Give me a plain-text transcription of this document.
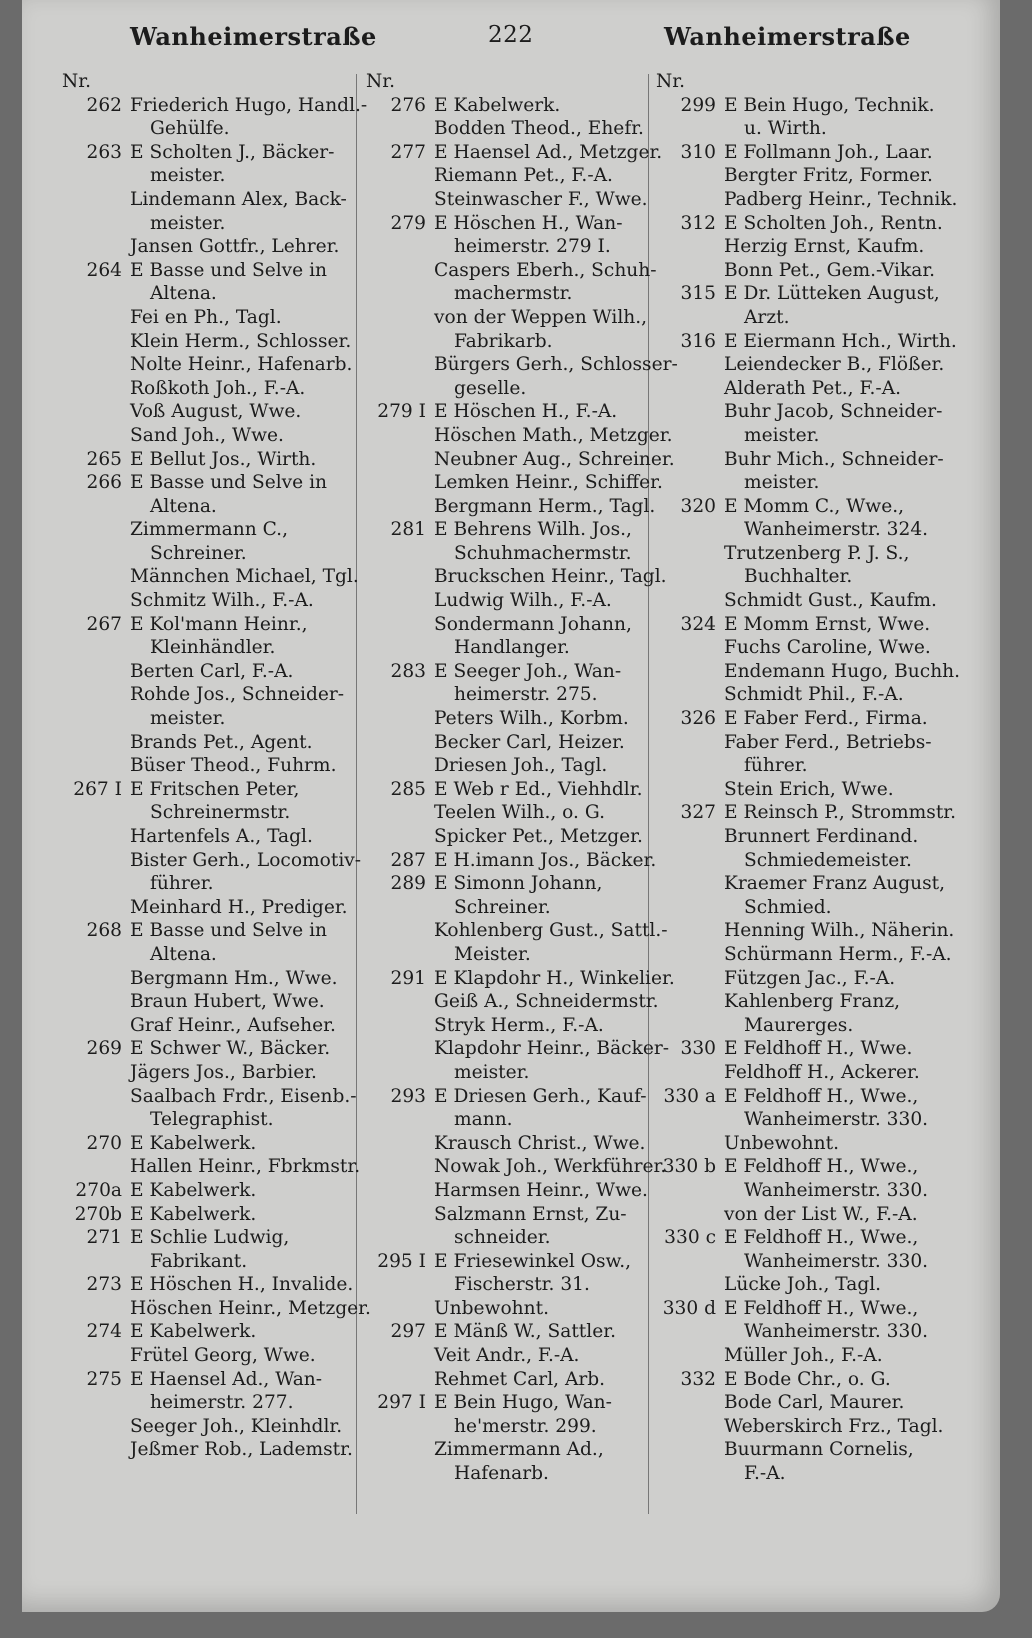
Wanheimerstraße	222	Wanheimerstraße
Nr.
262 Friederich Hugo, Handl.-
Gehülfe.
263 E Scholten J., Bäcker-
meister.
Lindemann Alex, Back-
meister.
Jansen Gottfr., Lehrer.
264 E Basse und Selve in
Altena.
Fei en Ph., Tagl.
Klein Herm., Schlosser.
Nolte Heinr., Hafenarb.
Roßkoth Joh., F.-A.
Voß August, Wwe.
Sand Joh., Wwe.
265 E Bellut Jos., Wirth.
266 E Basse und Selve in
Altena.
Zimmermann C.,
Schreiner.
Männchen Michael, Tgl.
Schmitz Wilh., F.-A.
267 E Kol'mann Heinr.,
Kleinhändler.
Berten Carl, F.-A.
Rohde Jos., Schneider-
meister.
Brands Pet., Agent.
Büser Theod., Fuhrm.
267 I E Fritschen Peter,
Schreinermstr.
Hartenfels A., Tagl.
Bister Gerh., Locomotiv-
führer.
Meinhard H., Prediger.
268 E Basse und Selve in
Altena.
Bergmann Hm., Wwe.
Braun Hubert, Wwe.
Graf Heinr., Aufseher.
269 E Schwer W., Bäcker.
Jägers Jos., Barbier.
Saalbach Frdr., Eisenb.-
Telegraphist.
270 E Kabelwerk.
Hallen Heinr., Fbrkmstr.
270a E Kabelwerk.
270b E Kabelwerk.
271 E Schlie Ludwig,
Fabrikant.
273 E Höschen H., Invalide.
Höschen Heinr., Metzger.
274 E Kabelwerk.
Frütel Georg, Wwe.
275 E Haensel Ad., Wan-
heimerstr. 277.
Seeger Joh., Kleinhdlr.
Jeßmer Rob., Lademstr.
Nr.
276 E Kabelwerk.
Bodden Theod., Ehefr.
277 E Haensel Ad., Metzger.
Riemann Pet., F.-A.
Steinwascher F., Wwe.
279 E Höschen H., Wan-
heimerstr. 279 I.
Caspers Eberh., Schuh-
machermstr.
von der Weppen Wilh.,
Fabrikarb.
Bürgers Gerh., Schlosser-
geselle.
279 I E Höschen H., F.-A.
Höschen Math., Metzger.
Neubner Aug., Schreiner.
Lemken Heinr., Schiffer.
Bergmann Herm., Tagl.
281 E Behrens Wilh. Jos.,
Schuhmachermstr.
Bruckschen Heinr., Tagl.
Ludwig Wilh., F.-A.
Sondermann Johann,
Handlanger.
283 E Seeger Joh., Wan-
heimerstr. 275.
Peters Wilh., Korbm.
Becker Carl, Heizer.
Driesen Joh., Tagl.
285 E Web r Ed., Viehhdlr.
Teelen Wilh., o. G.
Spicker Pet., Metzger.
287 E H.imann Jos., Bäcker.
289 E Simonn Johann,
Schreiner.
Kohlenberg Gust., Sattl.-
Meister.
291 E Klapdohr H., Winkelier.
Geiß A., Schneidermstr.
Stryk Herm., F.-A.
Klapdohr Heinr., Bäcker-
meister.
293 E Driesen Gerh., Kauf-
mann.
Krausch Christ., Wwe.
Nowak Joh., Werkführer.
Harmsen Heinr., Wwe.
Salzmann Ernst, Zu-
schneider.
295 I E Friesewinkel Osw.,
Fischerstr. 31.
Unbewohnt.
297 E Mänß W., Sattler.
Veit Andr., F.-A.
Rehmet Carl, Arb.
297 I E Bein Hugo, Wan-
he'merstr. 299.
Zimmermann Ad.,
Hafenarb.
Nr.
299 E Bein Hugo, Technik.
u. Wirth.
310 E Follmann Joh., Laar.
Bergter Fritz, Former.
Padberg Heinr., Technik.
312 E Scholten Joh., Rentn.
Herzig Ernst, Kaufm.
Bonn Pet., Gem.-Vikar.
315 E Dr. Lütteken August,
Arzt.
316 E Eiermann Hch., Wirth.
Leiendecker B., Flößer.
Alderath Pet., F.-A.
Buhr Jacob, Schneider-
meister.
Buhr Mich., Schneider-
meister.
320 E Momm C., Wwe.,
Wanheimerstr. 324.
Trutzenberg P. J. S.,
Buchhalter.
Schmidt Gust., Kaufm.
324 E Momm Ernst, Wwe.
Fuchs Caroline, Wwe.
Endemann Hugo, Buchh.
Schmidt Phil., F.-A.
326 E Faber Ferd., Firma.
Faber Ferd., Betriebs-
führer.
Stein Erich, Wwe.
327 E Reinsch P., Strommstr.
Brunnert Ferdinand.
Schmiedemeister.
Kraemer Franz August,
Schmied.
Henning Wilh., Näherin.
Schürmann Herm., F.-A.
Fützgen Jac., F.-A.
Kahlenberg Franz,
Maurerges.
330 E Feldhoff H., Wwe.
Feldhoff H., Ackerer.
330 a E Feldhoff H., Wwe.,
Wanheimerstr. 330.
Unbewohnt.
330 b E Feldhoff H., Wwe.,
Wanheimerstr. 330.
von der List W., F.-A.
330 c E Feldhoff H., Wwe.,
Wanheimerstr. 330.
Lücke Joh., Tagl.
330 d E Feldhoff H., Wwe.,
Wanheimerstr. 330.
Müller Joh., F.-A.
332 E Bode Chr., o. G.
Bode Carl, Maurer.
Weberskirch Frz., Tagl.
Buurmann Cornelis,
F.-A.
